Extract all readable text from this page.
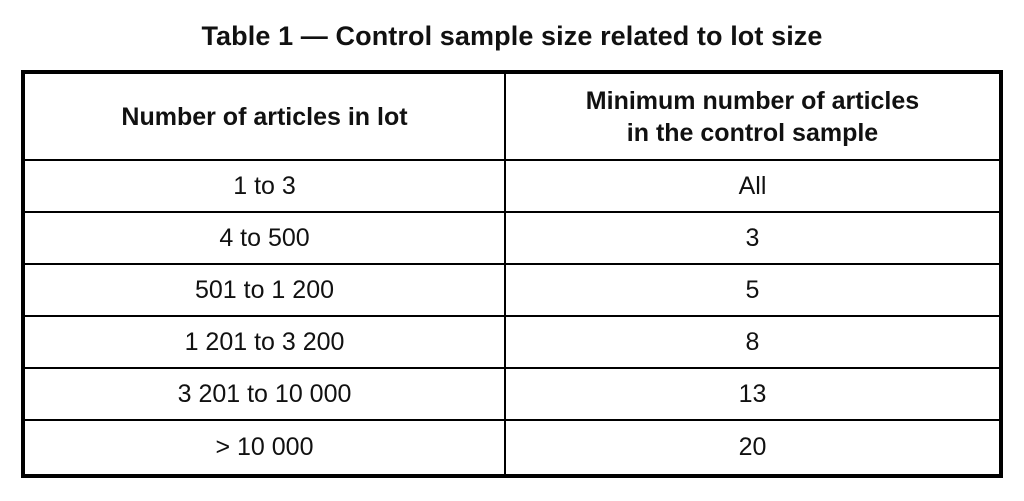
Table 1 — Control sample size related to lot size
Number of articles in lot	Minimum number of articles
in the control sample
1 to 3	All
4 to 500	3
501 to 1 200	5
1 201 to 3 200	8
3 201 to 10 000	13
> 10 000	20
